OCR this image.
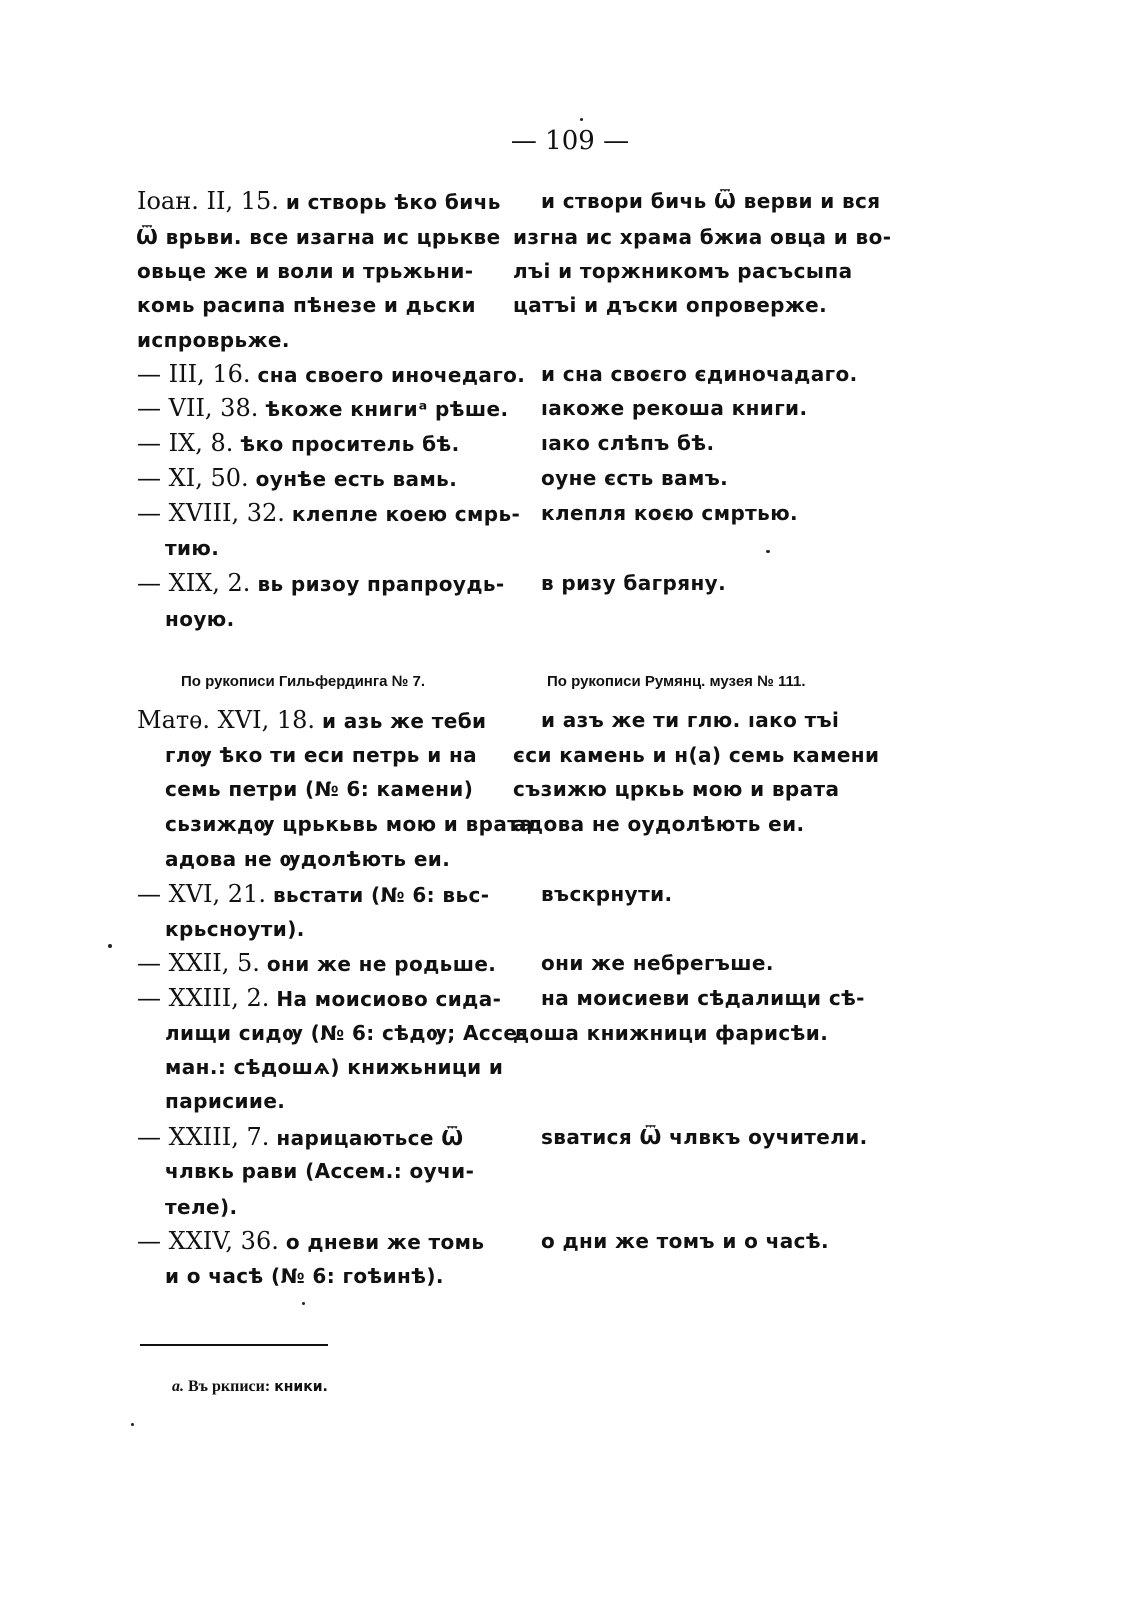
— 109 —
Іоан. II, 15. и створь ѣко бичь
Ѿ врьви. все изагна ис црькве
овьце же и воли и трьжьни-
комь расипа пѣнезе и дьски
испроврьже.
— III, 16. сна своего иночедаго.
— VII, 38. ѣкоже книгиᵃ рѣше.
— IX, 8. ѣко проситель бѣ.
— XI, 50. оунѣе есть вамь.
— XVIII, 32. клепле коею смрь-
тию.
— XIX, 2. вь ризоу прапроудь-
ноую.
и створи бичь Ѿ верви и вся
изгна ис храма бжиа овца и во-
лъі и торжникомъ расъсыпа
цатъі и дъски опроверже.
и сна своєго єдиночадаго.
ıакоже рекоша книги.
ıако слѣпъ бѣ.
оуне єсть вамъ.
клепля коєю смртью.
в ризу багряну.
По рукописи Гильфердинга № 7.	По рукописи Румянц. музея № 111.
Матѳ. XVI, 18. и азь же теби
глѹ ѣко ти еси петрь и на
семь петри (№ 6: камени)
сьзиждѹ црькьвь мою и врата
адова не ѹдолѣють еи.
— XVI, 21. вьстати (№ 6: вьс-
крьсноути).
— XXII, 5. они же не родьше.
— XXIII, 2. На моисиово сида-
лищи сидѹ (№ 6: сѣдѹ; Ассе-
ман.: сѣдошѧ) книжьници и
парисиие.
— XXIII, 7. нарицаютьсе Ѿ
члвкь рави (Ассем.: оучи-
теле).
— XXIV, 36. о дневи же томь
и о часѣ (№ 6: гоѣинѣ).
и азъ же ти глю. ıако тъі
єси камень и н(а) семь камени
съзижю цркьь мою и врата
адова не оудолѣють еи.
въскрнути.
они же небрегъше.
на моисиеви сѣдалищи сѣ-
доша книжници фарисѣи.
ѕватися Ѿ члвкъ оучители.
о дни же томъ и о часѣ.
а. Въ ркписи: кники.
